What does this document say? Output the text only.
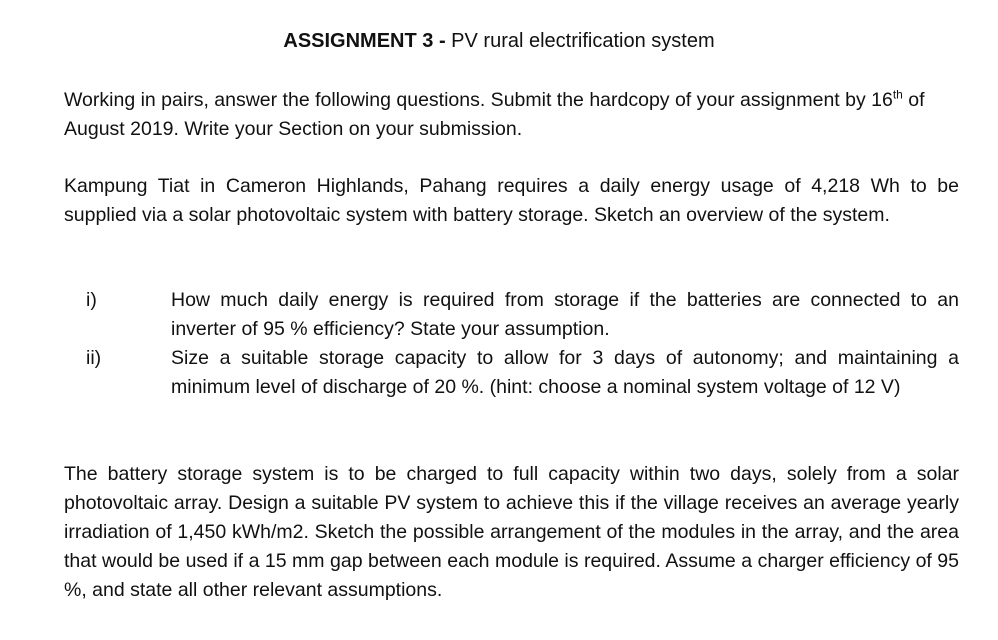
ASSIGNMENT 3 - PV rural electrification system

Working in pairs, answer the following questions. Submit the hardcopy of your assignment by 16th of August 2019. Write your Section on your submission.

Kampung Tiat in Cameron Highlands, Pahang requires a daily energy usage of 4,218 Wh to be supplied via a solar photovoltaic system with battery storage. Sketch an overview of the system.

i)	How much daily energy is required from storage if the batteries are connected to an inverter of 95 % efficiency? State your assumption.
ii)	Size a suitable storage capacity to allow for 3 days of autonomy; and maintaining a minimum level of discharge of 20 %. (hint: choose a nominal system voltage of 12 V)

The battery storage system is to be charged to full capacity within two days, solely from a solar photovoltaic array. Design a suitable PV system to achieve this if the village receives an average yearly irradiation of 1,450 kWh/m2. Sketch the possible arrangement of the modules in the array, and the area that would be used if a 15 mm gap between each module is required. Assume a charger efficiency of 95 %, and state all other relevant assumptions.
